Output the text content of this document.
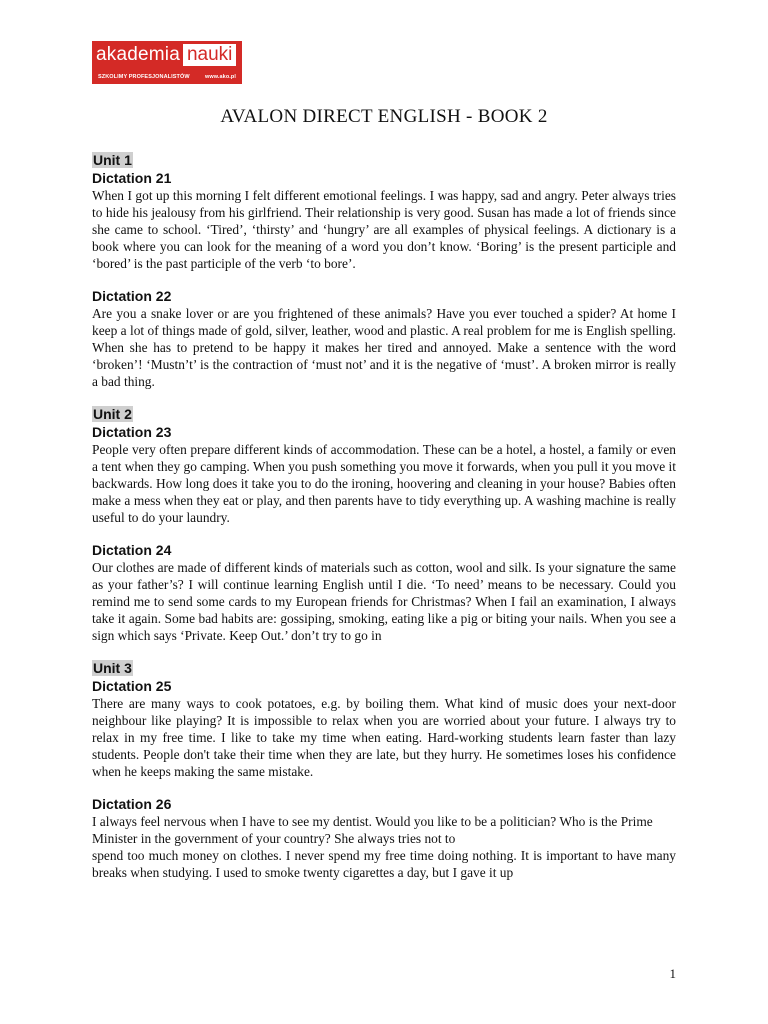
akademia nauki
SZKOLIMY PROFESJONALISTÓW	www.ako.pl
AVALON DIRECT ENGLISH - BOOK 2
Unit 1
Dictation 21

When I got up this morning I felt different emotional feelings. I was happy, sad and angry. Peter always tries to hide his jealousy from his girlfriend. Their relationship is very good. Susan has made a lot of friends since she came to school. ‘Tired’, ‘thirsty’ and ‘hungry’ are all examples of physical feelings. A dictionary is a book where you can look for the meaning of a word you don’t know. ‘Boring’ is the present participle and ‘bored’ is the past participle of the verb ‘to bore’.

Dictation 22

Are you a snake lover or are you frightened of these animals? Have you ever touched a spider? At home I keep a lot of things made of gold, silver, leather, wood and plastic. A real problem for me is English spelling. When she has to pretend to be happy it makes her tired and annoyed. Make a sentence with the word ‘broken’! ‘Mustn’t’ is the contraction of ‘must not’ and it is the negative of ‘must’. A broken mirror is really a bad thing.

Unit 2
Dictation 23

People very often prepare different kinds of accommodation. These can be a hotel, a hostel, a family or even a tent when they go camping. When you push something you move it forwards, when you pull it you move it backwards. How long does it take you to do the ironing, hoovering and cleaning in your house? Babies often make a mess when they eat or play, and then parents have to tidy everything up. A washing machine is really useful to do your laundry.

Dictation 24

Our clothes are made of different kinds of materials such as cotton, wool and silk. Is your signature the same as your father’s? I will continue learning English until I die. ‘To need’ means to be necessary. Could you remind me to send some cards to my European friends for Christmas? When I fail an examination, I always take it again. Some bad habits are: gossiping, smoking, eating like a pig or biting your nails. When you see a sign which says ‘Private. Keep Out.’ don’t try to go in

Unit 3
Dictation 25

There are many ways to cook potatoes, e.g. by boiling them. What kind of music does your next-door neighbour like playing? It is impossible to relax when you are worried about your future. I always try to relax in my free time. I like to take my time when eating. Hard-working students learn faster than lazy students. People don't take their time when they are late, but they hurry. He sometimes loses his confidence when he keeps making the same mistake.

Dictation 26

I always feel nervous when I have to see my dentist. Would you like to be a politician? Who is the Prime Minister in the government of your country? She always tries not to

spend too much money on clothes. I never spend my free time doing nothing. It is important to have many breaks when studying. I used to smoke twenty cigarettes a day, but I gave it up

1
